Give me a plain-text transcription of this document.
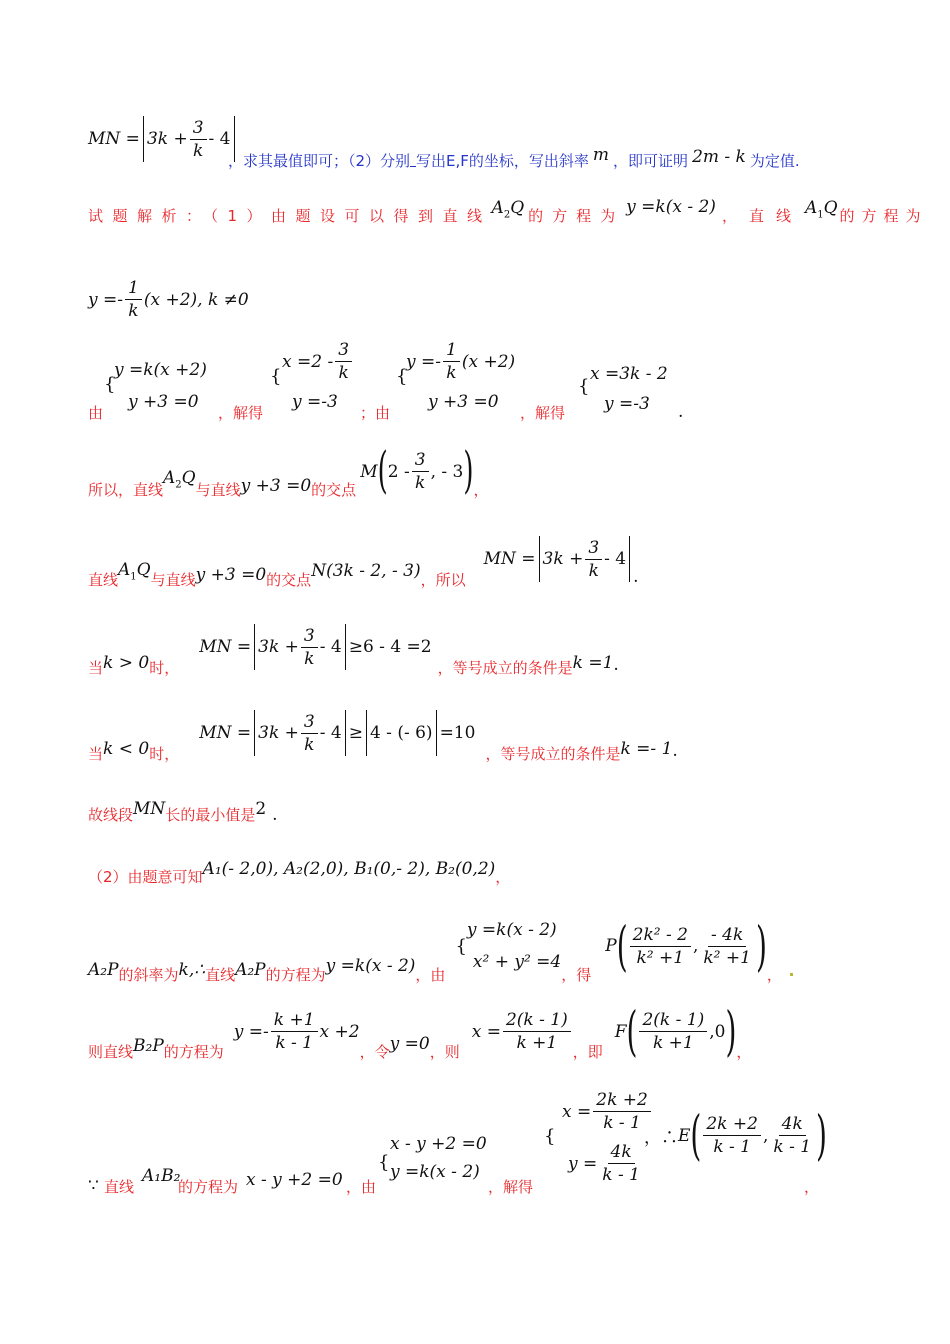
MN = $3k + \frac{3}{k} - 4$
，求其最值即可；（2）分别 写出E,F的坐标，写出斜率 m ，即可证明 2m - k 为定值.
试题解析：（1）由题设可以得到直线 $A_2Q$ 的方程为 y =k(x - 2) ，直线 $A_1Q$ 的方程为
$y =- \frac{1}{k} (x +2)$, k ≠0
由
{
y =k(x +2)
y +3 =0
，解得
{
$x =2 - \frac{3}{k}$
y =-3
；由
{
$y =- \frac{1}{k} (x +2)$
y +3 =0
，解得
{
x =3k - 2
y =-3 .
所以，直线
$A_2Q$
与直线 y +3 =0 的交点
M ( $2 - \frac{3}{k}$ , - 3 ) ，
直线 $A_1Q$ 与直线 y +3 =0 的交点 N(3k - 2, - 3) ，所以
MN = $3k + \frac{3}{k} - 4$
.
当 k > 0 时，
MN = $3k + \frac{3}{k} - 4 \ge 6 - 4 =2$
，等号成立的条件是 k =1 .
当 k < 0 时，
MN = $3k + \frac{3}{k} - 4 \ge 4$ - (- 6) =10
，等号成立的条件是 k =- 1 .
故线段 MN 长的最小值是 2 .
（2）由题意可知 A₁(- 2,0), A₂(2,0), B₁(0,- 2), B₂(0,2) ，
A₂P 的斜率为 k,∴ 直线 A₂P 的方程为 y =k(x - 2) ，由
{
y =k(x - 2)
x² + y² =4
，得
P ( $\frac{\text{2k² - 2}}{\text{k² +1}}$ , $\frac{- 4k}{\text{k² +1}}$ ) ，
则直线 B₂P 的方程为
$y =- \frac{k +1}{k - 1}$ x +2
，令 y =0 ，则
$x = \frac{2(k - 1)}{k +1}$ ，即
F ( $\frac{2(k - 1)}{k +1} ,0$ ) ，
∵ 直线
A₁B₂
的方程为 x - y +2 =0 ，由
{
x - y +2 =0
y =k(x - 2)
，解得
{
$x = \frac{2k +2}{k - 1}$
$y = \frac{4k}{k - 1}$
，∴ E ( $\frac{2k +2}{k - 1}$ , $\frac{4k}{k - 1}$ )
，
